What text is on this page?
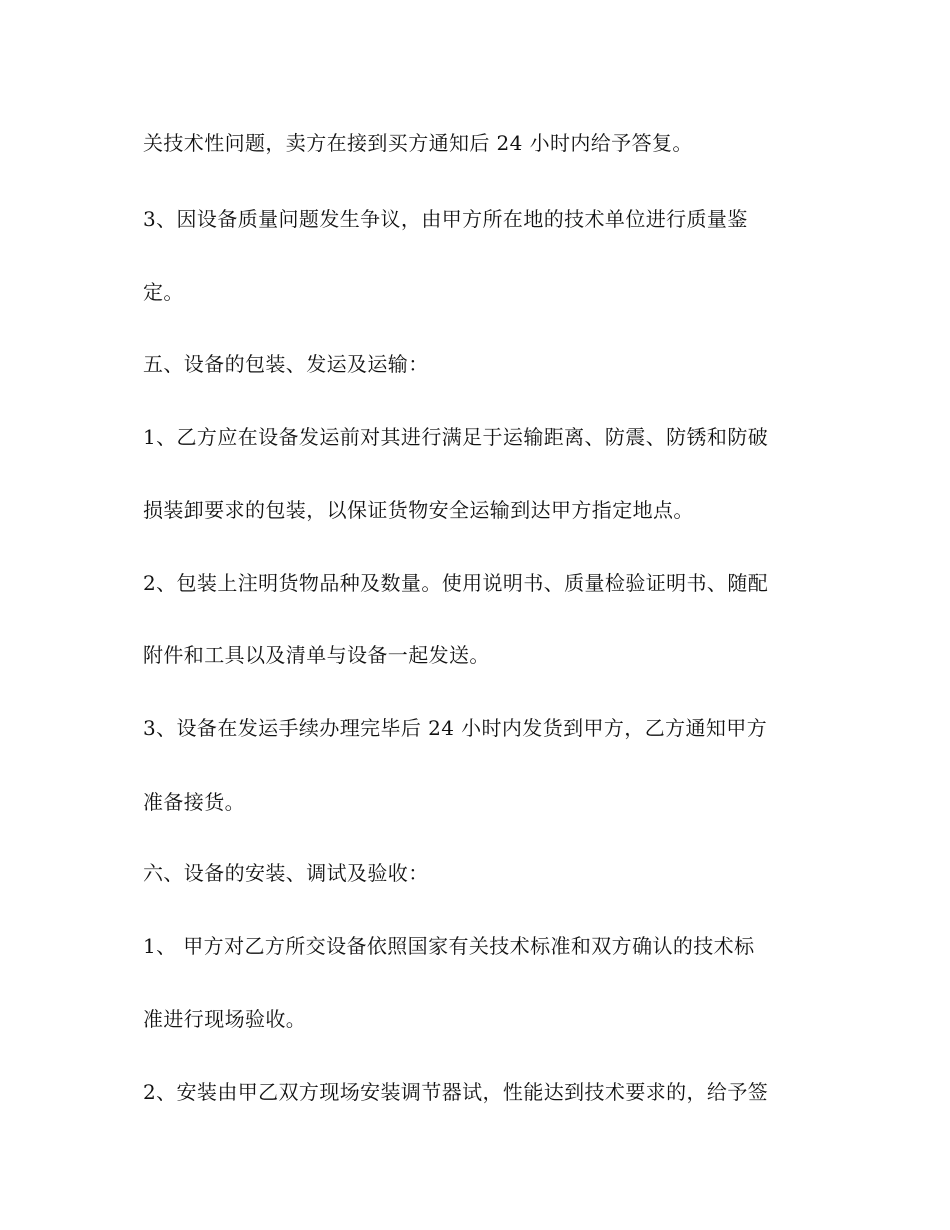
关技术性问题，卖方在接到买方通知后 24 小时内给予答复。

3、因设备质量问题发生争议，由甲方所在地的技术单位进行质量鉴

定。

五、设备的包装、发运及运输：

1、乙方应在设备发运前对其进行满足于运输距离、防震、防锈和防破

损装卸要求的包装，以保证货物安全运输到达甲方指定地点。

2、包装上注明货物品种及数量。使用说明书、质量检验证明书、随配

附件和工具以及清单与设备一起发送。

3、设备在发运手续办理完毕后 24 小时内发货到甲方，乙方通知甲方

准备接货。

六、设备的安装、调试及验收：

1、 甲方对乙方所交设备依照国家有关技术标准和双方确认的技术标

准进行现场验收。

2、安装由甲乙双方现场安装调节器试，性能达到技术要求的，给予签
